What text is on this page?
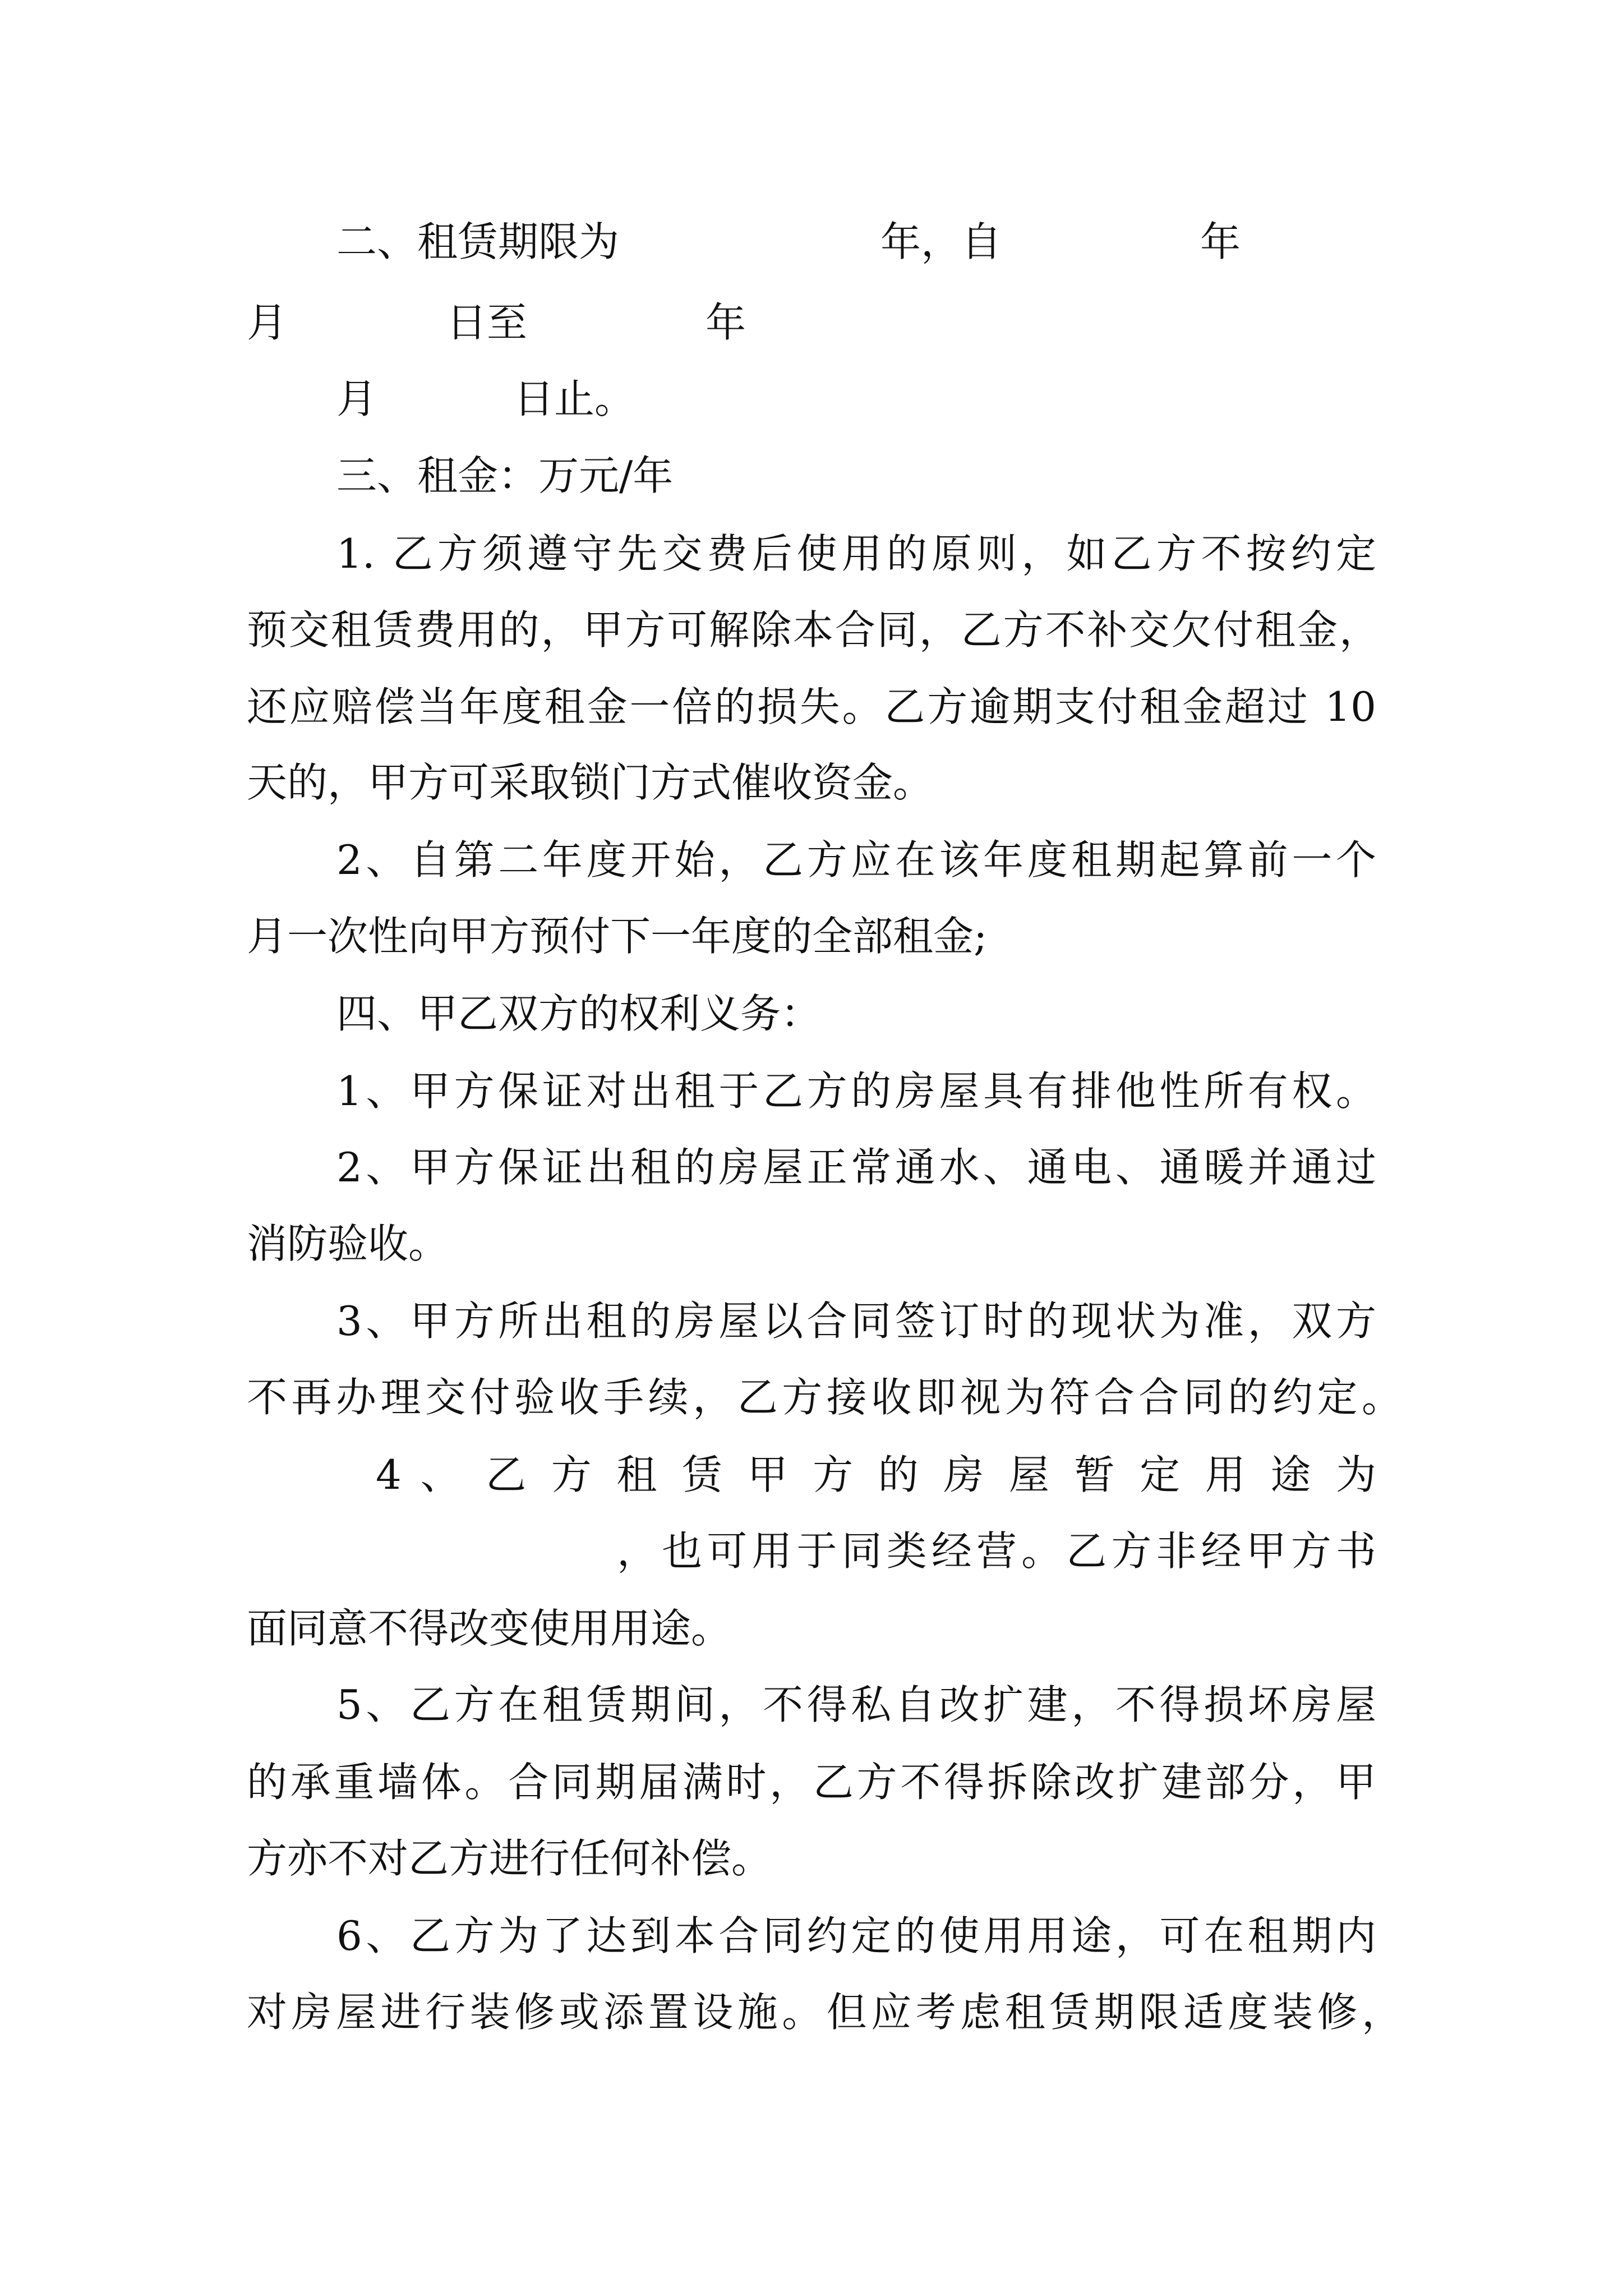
二、租赁期限为	年，自	年
月	日至	年
月	日止。
三、租金：万元/年
1. 乙方须遵守先交费后使用的原则，如乙方不按约定
预交租赁费用的，甲方可解除本合同，乙方不补交欠付租金，
还应赔偿当年度租金一倍的损失。乙方逾期支付租金超过 10
天的，甲方可采取锁门方式催收资金。
2、自第二年度开始，乙方应在该年度租期起算前一个
月一次性向甲方预付下一年度的全部租金;
四、甲乙双方的权利义务：
1、甲方保证对出租于乙方的房屋具有排他性所有权。
2、甲方保证出租的房屋正常通水、通电、通暖并通过
消防验收。
3、甲方所出租的房屋以合同签订时的现状为准，双方
不再办理交付验收手续，乙方接收即视为符合合同的约定。
4 、 乙 方 租 赁 甲 方 的 房 屋 暂 定 用 途 为
，也可用于同类经营。乙方非经甲方书
面同意不得改变使用用途。
5、乙方在租赁期间，不得私自改扩建，不得损坏房屋
的承重墙体。合同期届满时，乙方不得拆除改扩建部分，甲
方亦不对乙方进行任何补偿。
6、乙方为了达到本合同约定的使用用途，可在租期内
对房屋进行装修或添置设施。但应考虑租赁期限适度装修，
